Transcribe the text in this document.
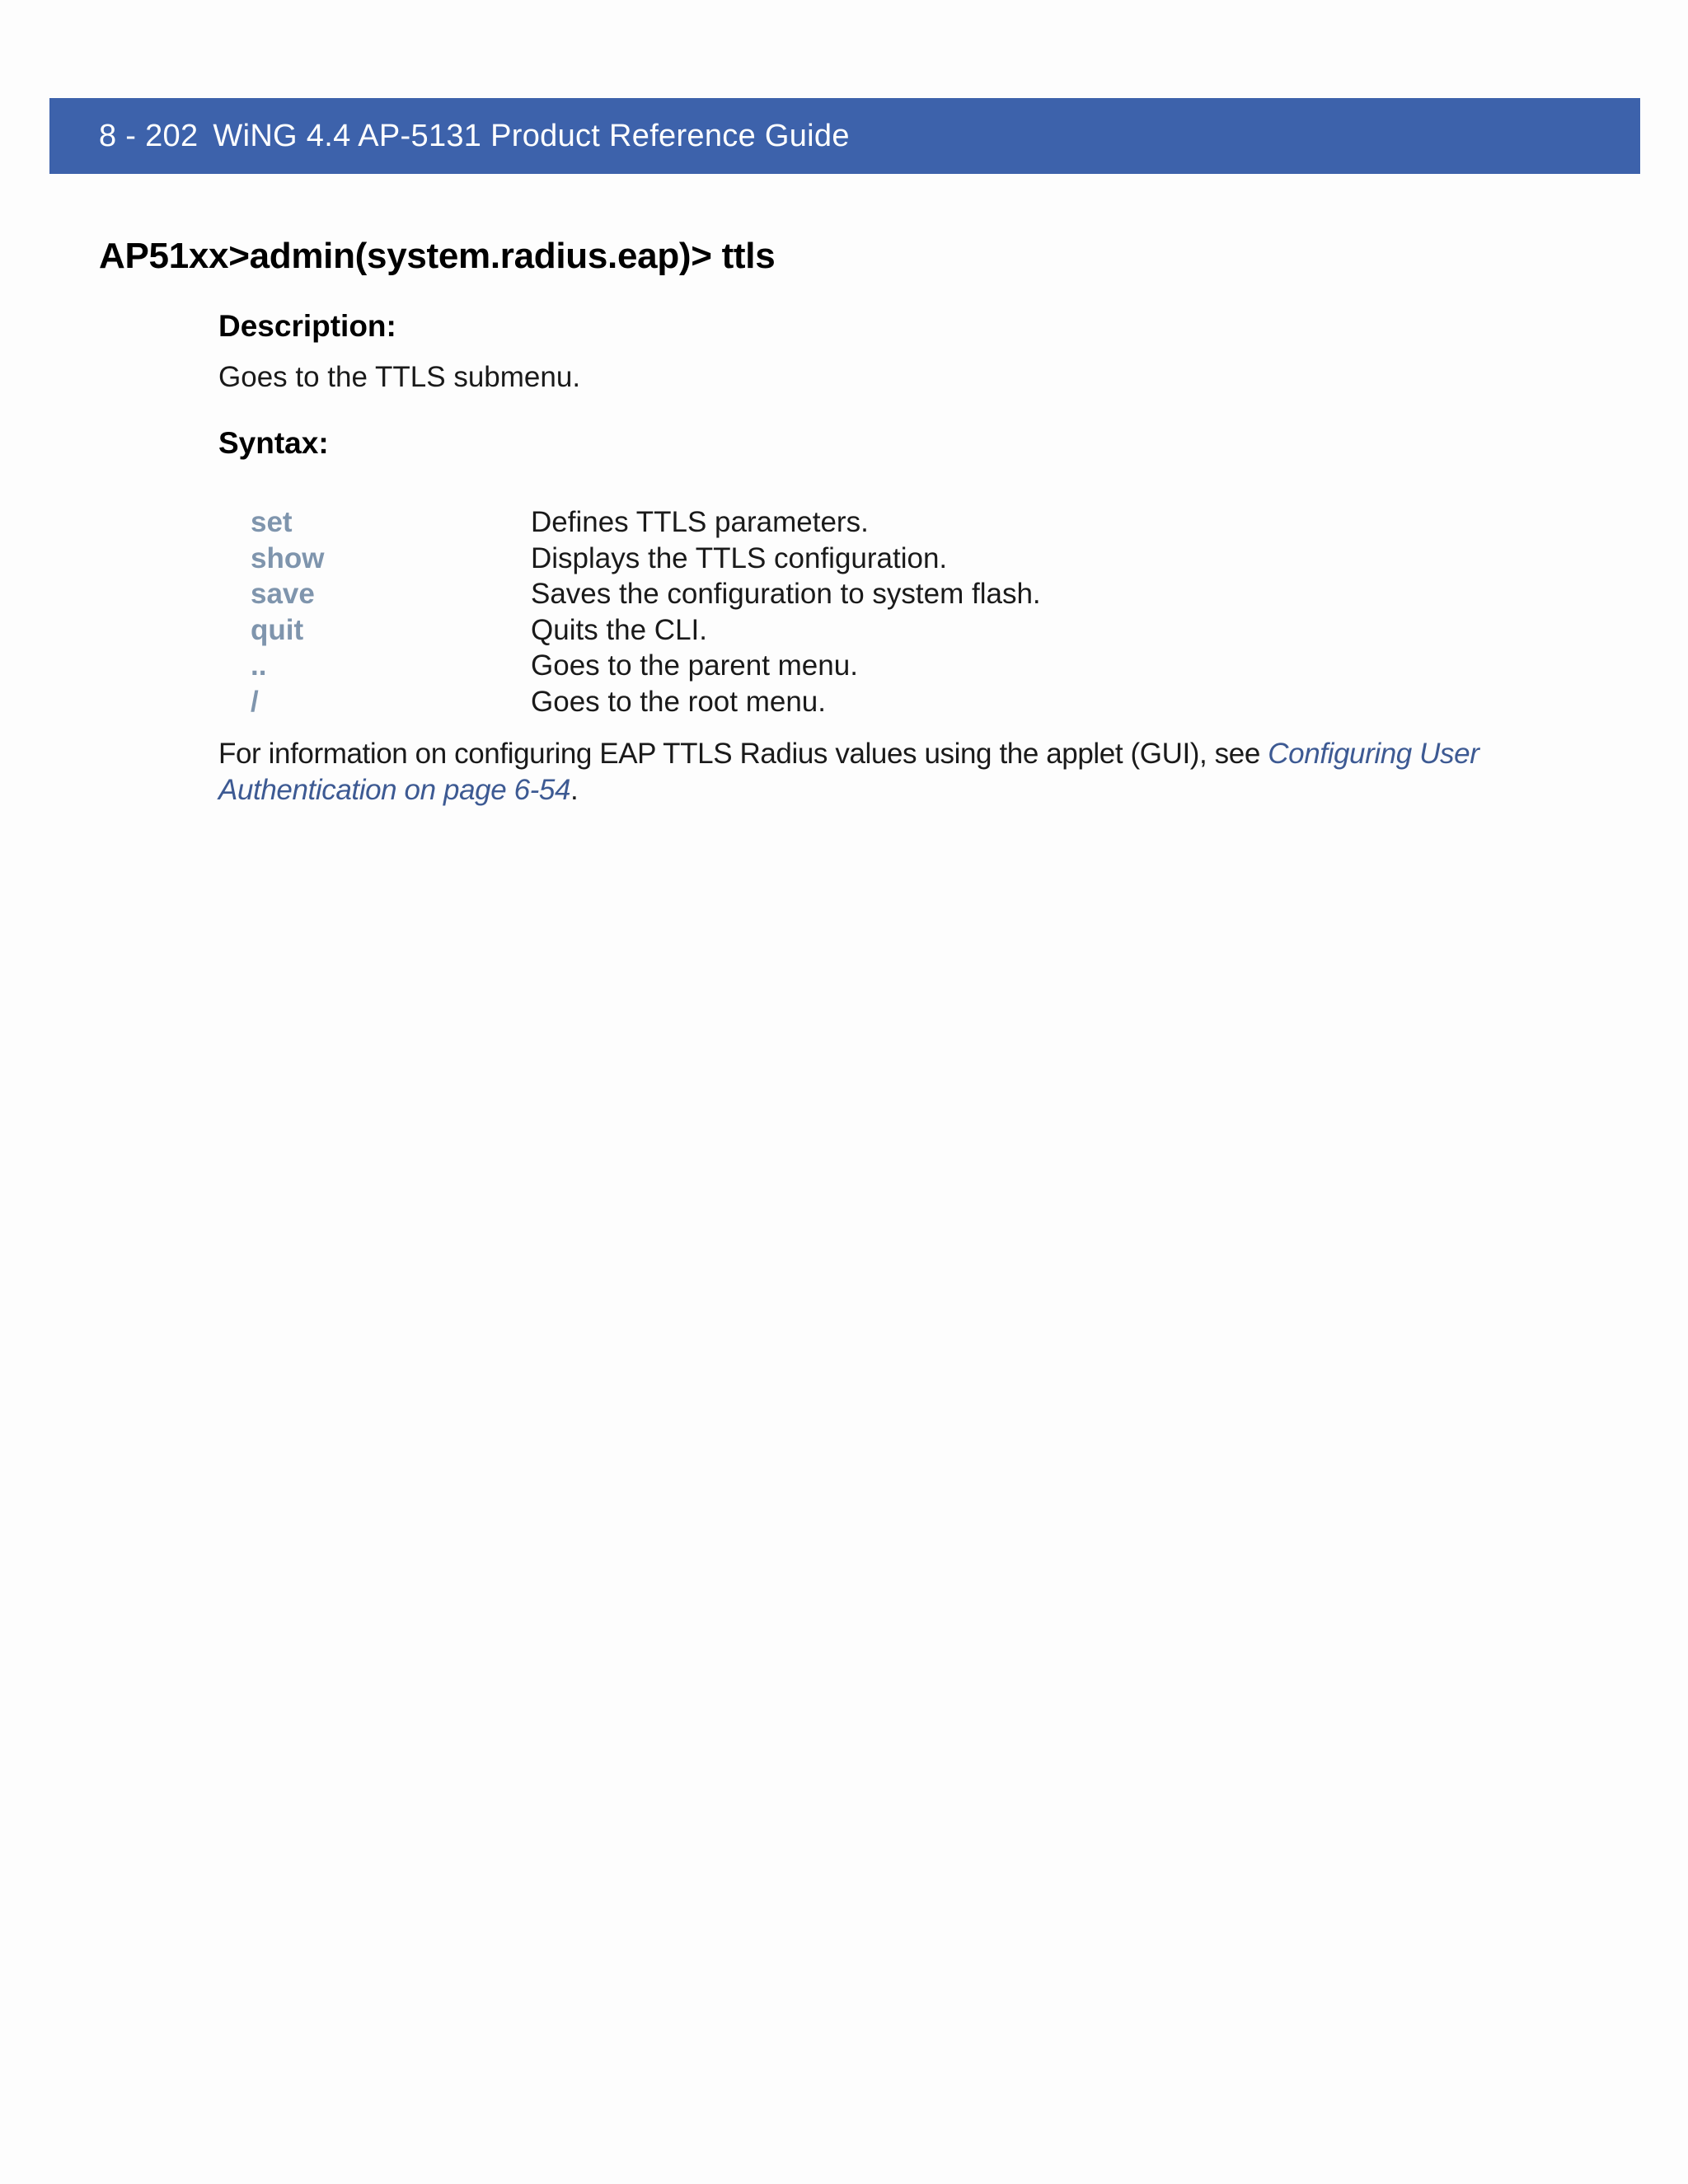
8 - 202 WiNG 4.4 AP-5131 Product Reference Guide
AP51xx>admin(system.radius.eap)> ttls
Description:
Goes to the TTLS submenu.
Syntax:
set	Defines TTLS parameters.
show	Displays the TTLS configuration.
save	Saves the configuration to system flash.
quit	Quits the CLI.
..	Goes to the parent menu.
/	Goes to the root menu.

For information on configuring EAP TTLS Radius values using the applet (GUI), see Configuring User Authentication on page 6-54.
